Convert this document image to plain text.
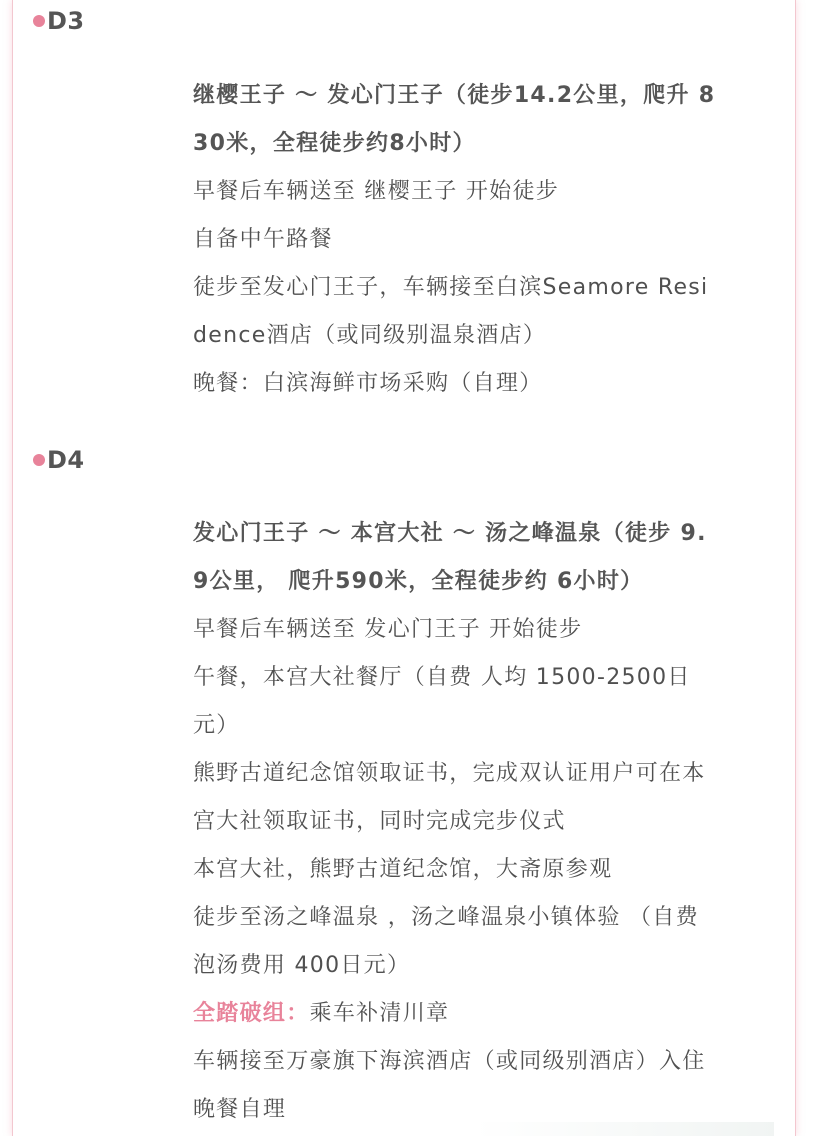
D3
继樱王子 ～ 发心门王子（徒步14.2公里，爬升 8
30米，全程徒步约8小时）
早餐后车辆送至 继樱王子 开始徒步
自备中午路餐
徒步至发心门王子，车辆接至白滨Seamore Resi
dence酒店（或同级别温泉酒店）
晚餐：白滨海鲜市场采购（自理）
D4
发心门王子 ～ 本宫大社 ～ 汤之峰温泉（徒步 9.
9公里， 爬升590米，全程徒步约 6小时）
早餐后车辆送至 发心门王子 开始徒步
午餐，本宫大社餐厅（自费 人均 1500-2500日
元）
熊野古道纪念馆领取证书，完成双认证用户可在本
宫大社领取证书，同时完成完步仪式
本宫大社，熊野古道纪念馆，大斋原参观
徒步至汤之峰温泉 ，汤之峰温泉小镇体验 （自费
泡汤费用 400日元）
全踏破组：乘车补清川章
车辆接至万豪旗下海滨酒店（或同级别酒店）入住
晚餐自理
